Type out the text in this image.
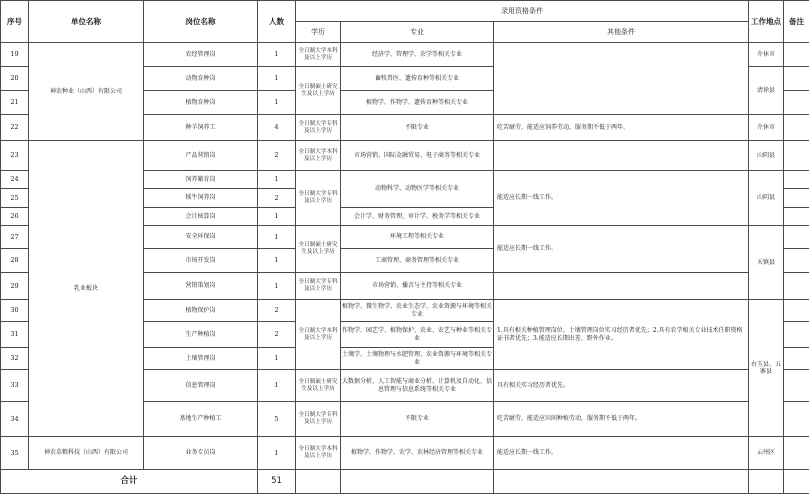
序号	单位名称	岗位名称	人数	录用资格条件			工作地点	备注
				学历	专业	其他条件		
19	神农种业（山西）有限公司	农经管理岗	1	全日制大学本科及以上学历	经济学、管理学、农学等相关专业		介休市	
20		动物育种岗	1	全日制硕士研究生及以上学历	畜牧兽医、遗传育种等相关专业		清徐县	
21		植物育种岗	1		植物学、作物学、遗传育种等相关专业			
22		种羊饲养工	4	全日制大学专科及以上学历	不限专业	吃苦耐劳，能适应饲养劳动，服务期不低于两年。	介休市	
23	乳业板块	产品营销岗	2	全日制大学本科及以上学历	市场营销、国际金融贸易、电子商务等相关专业		山阴县	
24		饲养繁育岗	1	全日制大学专科及以上学历	动物科学、动物医学等相关专业	能适应长期一线工作。	山阴县	
25		犊牛饲养岗	2					
26		会计核算岗	1		会计学、财务管理、审计学、税务学等相关专业			
27		安全环保岗	1	全日制硕士研究生及以上学历	环境工程等相关专业	能适应长期一线工作。	天镇县	
28		市场开发岗	1		工商管理、商务管理等相关专业			
29		营销策划岗	1	全日制大学专科及以上学历	市场营销、播音与主持等相关专业			
30		植物保护岗	2	全日制大学本科及以上学历	植物学、微生物学、农业生态学、农业资源与环境等相关专业	1.具有相关种植管理岗位、土壤管理岗位实习经历者优先；2.具有农学相关专业技术任职资格证书者优先；3.能适应长期出差、野外作业。	右玉县、五寨县	
31		生产种植岗	2		作物学、园艺学、植物保护、农业、农艺与种业等相关专业			
32		土壤管理岗	1		土壤学、土壤物理与水肥管理、农业资源与环境等相关专业			
33		信息管理岗	1	全日制硕士研究生及以上学历	大数据分析、人工智能与商业分析、计算机及自动化、信息管理与信息系统等相关专业	具有相关实习经历者优先。		
34		基地生产种植工	5	全日制大学专科及以上学历	不限专业	吃苦耐劳，能适应田间种植劳动，服务期不低于两年。		
35	神农草粮科技（山西）有限公司	业务专员岗	1	全日制大学本科及以上学历	植物学、作物学、农学、农林经济管理等相关专业	能适应长期一线工作。	云州区	
合计			51					
